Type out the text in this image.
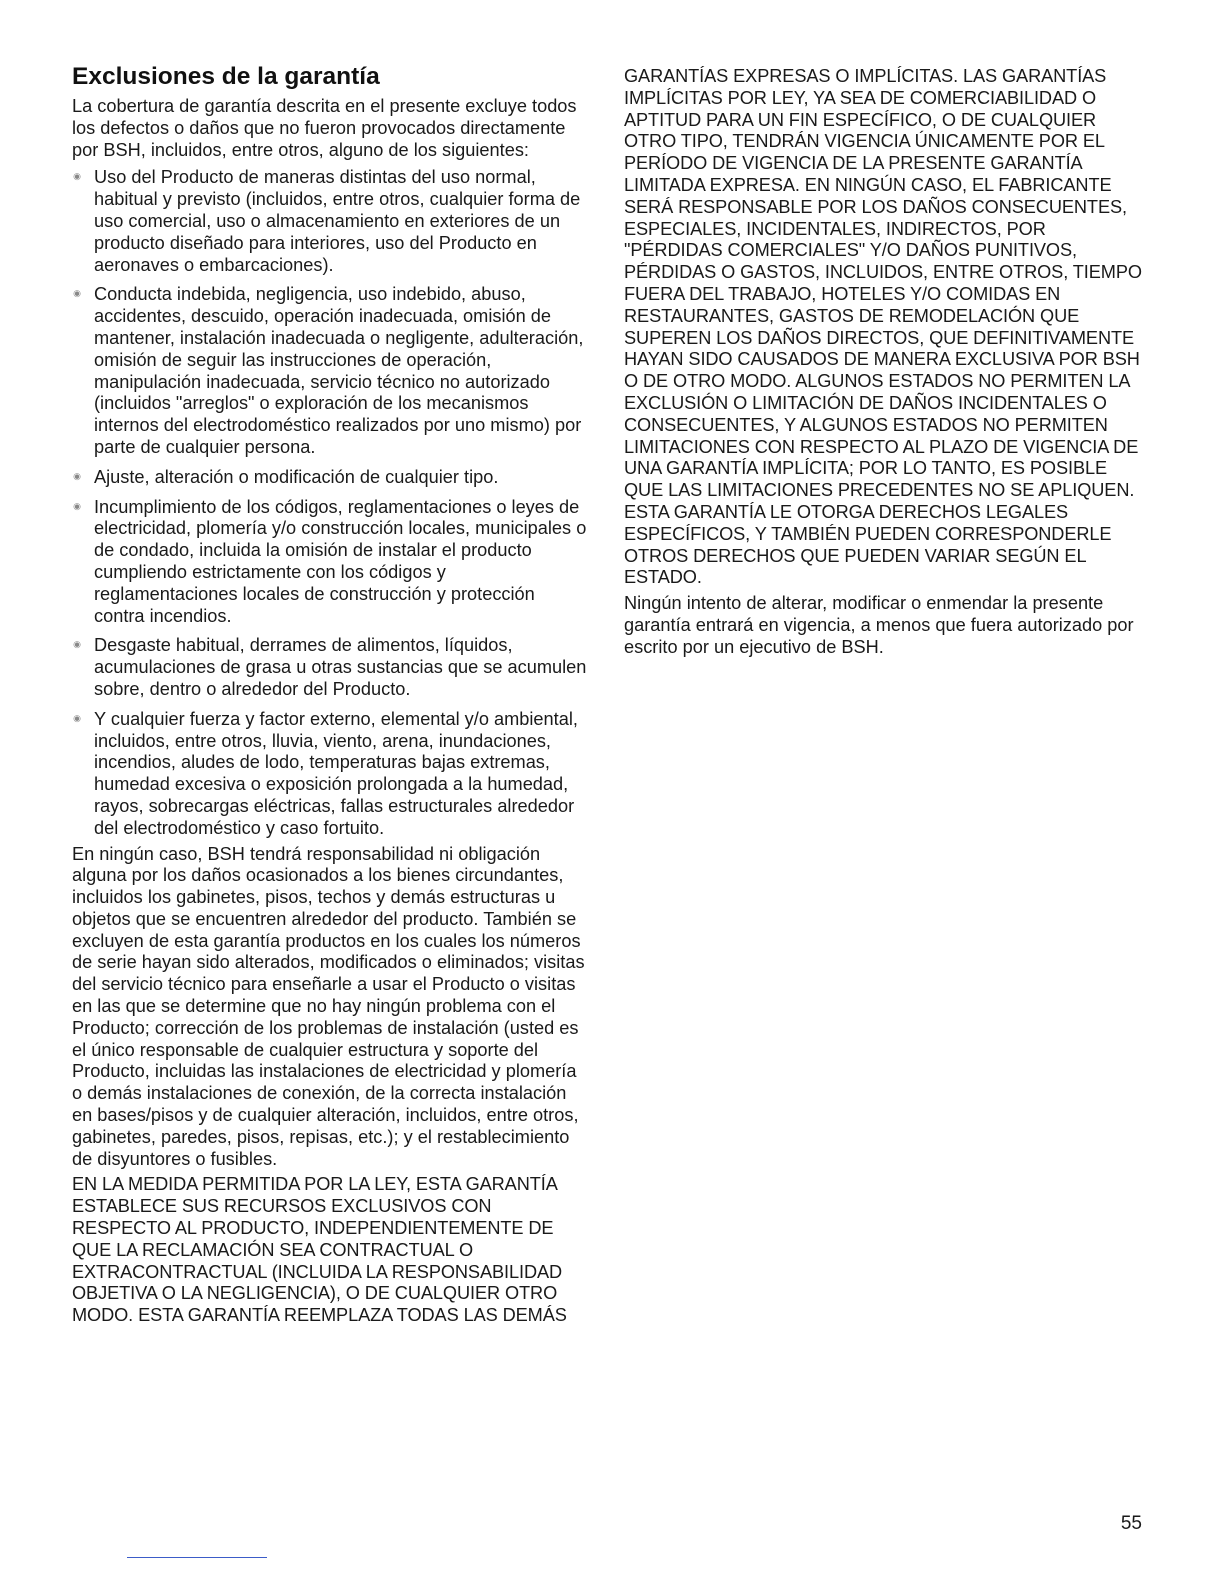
Exclusiones de la garantía

La cobertura de garantía descrita en el presente excluye todos los defectos o daños que no fueron provocados directamente por BSH, incluidos, entre otros, alguno de los siguientes:

◉ Uso del Producto de maneras distintas del uso normal, habitual y previsto (incluidos, entre otros, cualquier forma de uso comercial, uso o almacenamiento en exteriores de un producto diseñado para interiores, uso del Producto en aeronaves o embarcaciones).
◉ Conducta indebida, negligencia, uso indebido, abuso, accidentes, descuido, operación inadecuada, omisión de mantener, instalación inadecuada o negligente, adulteración, omisión de seguir las instrucciones de operación, manipulación inadecuada, servicio técnico no autorizado (incluidos "arreglos" o exploración de los mecanismos internos del electrodoméstico realizados por uno mismo) por parte de cualquier persona.
◉ Ajuste, alteración o modificación de cualquier tipo.
◉ Incumplimiento de los códigos, reglamentaciones o leyes de electricidad, plomería y/o construcción locales, municipales o de condado, incluida la omisión de instalar el producto cumpliendo estrictamente con los códigos y reglamentaciones locales de construcción y protección contra incendios.
◉ Desgaste habitual, derrames de alimentos, líquidos, acumulaciones de grasa u otras sustancias que se acumulen sobre, dentro o alrededor del Producto.
◉ Y cualquier fuerza y factor externo, elemental y/o ambiental, incluidos, entre otros, lluvia, viento, arena, inundaciones, incendios, aludes de lodo, temperaturas bajas extremas, humedad excesiva o exposición prolongada a la humedad, rayos, sobrecargas eléctricas, fallas estructurales alrededor del electrodoméstico y caso fortuito.

En ningún caso, BSH tendrá responsabilidad ni obligación alguna por los daños ocasionados a los bienes circundantes, incluidos los gabinetes, pisos, techos y demás estructuras u objetos que se encuentren alrededor del producto. También se excluyen de esta garantía productos en los cuales los números de serie hayan sido alterados, modificados o eliminados; visitas del servicio técnico para enseñarle a usar el Producto o visitas en las que se determine que no hay ningún problema con el Producto; corrección de los problemas de instalación (usted es el único responsable de cualquier estructura y soporte del Producto, incluidas las instalaciones de electricidad y plomería o demás instalaciones de conexión, de la correcta instalación en bases/pisos y de cualquier alteración, incluidos, entre otros, gabinetes, paredes, pisos, repisas, etc.); y el restablecimiento de disyuntores o fusibles.

EN LA MEDIDA PERMITIDA POR LA LEY, ESTA GARANTÍA ESTABLECE SUS RECURSOS EXCLUSIVOS CON RESPECTO AL PRODUCTO, INDEPENDIENTEMENTE DE QUE LA RECLAMACIÓN SEA CONTRACTUAL O EXTRACONTRACTUAL (INCLUIDA LA RESPONSABILIDAD OBJETIVA O LA NEGLIGENCIA), O DE CUALQUIER OTRO MODO. ESTA GARANTÍA REEMPLAZA TODAS LAS DEMÁS

GARANTÍAS EXPRESAS O IMPLÍCITAS. LAS GARANTÍAS IMPLÍCITAS POR LEY, YA SEA DE COMERCIABILIDAD O APTITUD PARA UN FIN ESPECÍFICO, O DE CUALQUIER OTRO TIPO, TENDRÁN VIGENCIA ÚNICAMENTE POR EL PERÍODO DE VIGENCIA DE LA PRESENTE GARANTÍA LIMITADA EXPRESA. EN NINGÚN CASO, EL FABRICANTE SERÁ RESPONSABLE POR LOS DAÑOS CONSECUENTES, ESPECIALES, INCIDENTALES, INDIRECTOS, POR "PÉRDIDAS COMERCIALES" Y/O DAÑOS PUNITIVOS, PÉRDIDAS O GASTOS, INCLUIDOS, ENTRE OTROS, TIEMPO FUERA DEL TRABAJO, HOTELES Y/O COMIDAS EN RESTAURANTES, GASTOS DE REMODELACIÓN QUE SUPEREN LOS DAÑOS DIRECTOS, QUE DEFINITIVAMENTE HAYAN SIDO CAUSADOS DE MANERA EXCLUSIVA POR BSH O DE OTRO MODO. ALGUNOS ESTADOS NO PERMITEN LA EXCLUSIÓN O LIMITACIÓN DE DAÑOS INCIDENTALES O CONSECUENTES, Y ALGUNOS ESTADOS NO PERMITEN LIMITACIONES CON RESPECTO AL PLAZO DE VIGENCIA DE UNA GARANTÍA IMPLÍCITA; POR LO TANTO, ES POSIBLE QUE LAS LIMITACIONES PRECEDENTES NO SE APLIQUEN. ESTA GARANTÍA LE OTORGA DERECHOS LEGALES ESPECÍFICOS, Y TAMBIÉN PUEDEN CORRESPONDERLE OTROS DERECHOS QUE PUEDEN VARIAR SEGÚN EL ESTADO.

Ningún intento de alterar, modificar o enmendar la presente garantía entrará en vigencia, a menos que fuera autorizado por escrito por un ejecutivo de BSH.

55
